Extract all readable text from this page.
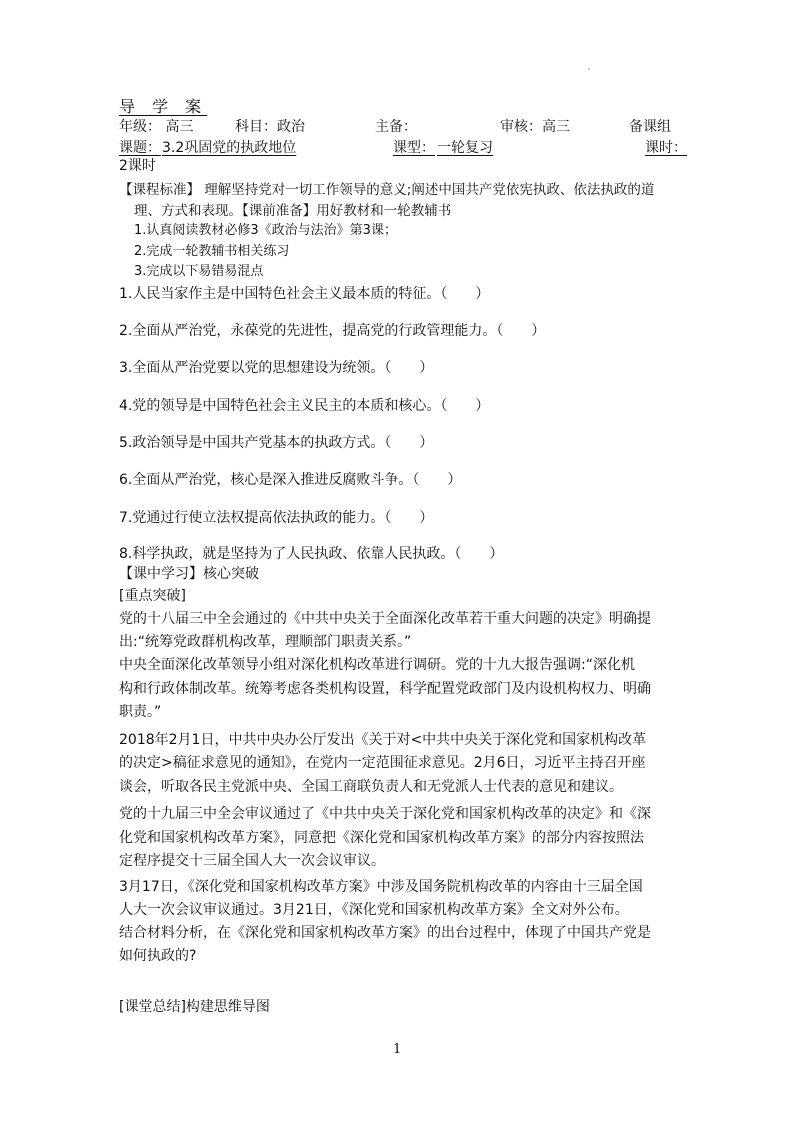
导 学 案
年级： 高三	科目：政治	主备：	审核：高三	备课组
课题： 3.2巩固党的执政地位	课型： 一轮复习	课时：
2课时
【课程标准】 理解坚持党对一切工作领导的意义;阐述中国共产党依宪执政、依法执政的道
理、方式和表现。【课前准备】用好教材和一轮教辅书
1.认真阅读教材必修3《政治与法治》第3课；
2.完成一轮教辅书相关练习
3.完成以下易错易混点
1.人民当家作主是中国特色社会主义最本质的特征。（　　）
2.全面从严治党，永葆党的先进性，提高党的行政管理能力。（　　）
3.全面从严治党要以党的思想建设为统领。（　　）
4.党的领导是中国特色社会主义民主的本质和核心。（　　）
5.政治领导是中国共产党基本的执政方式。（　　）
6.全面从严治党，核心是深入推进反腐败斗争。（　　）
7.党通过行使立法权提高依法执政的能力。（　　）
8.科学执政，就是坚持为了人民执政、依靠人民执政。（　　）
【课中学习】核心突破
[重点突破]
党的十八届三中全会通过的《中共中央关于全面深化改革若干重大问题的决定》明确提
出:“统筹党政群机构改革，理顺部门职责关系。”
中央全面深化改革领导小组对深化机构改革进行调研。党的十九大报告强调:“深化机
构和行政体制改革。统筹考虑各类机构设置，科学配置党政部门及内设机构权力、明确
职责。”
2018年2月1日，中共中央办公厅发出《关于对<中共中央关于深化党和国家机构改革
的决定>稿征求意见的通知》，在党内一定范围征求意见。2月6日，习近平主持召开座
谈会，听取各民主党派中央、全国工商联负责人和无党派人士代表的意见和建议。
党的十九届三中全会审议通过了《中共中央关于深化党和国家机构改革的决定》和《深
化党和国家机构改革方案》，同意把《深化党和国家机构改革方案》的部分内容按照法
定程序提交十三届全国人大一次会议审议。
3月17日，《深化党和国家机构改革方案》中涉及国务院机构改革的内容由十三届全国
人大一次会议审议通过。3月21日，《深化党和国家机构改革方案》全文对外公布。
结合材料分析，在《深化党和国家机构改革方案》的出台过程中，体现了中国共产党是
如何执政的?
[课堂总结]构建思维导图
1
